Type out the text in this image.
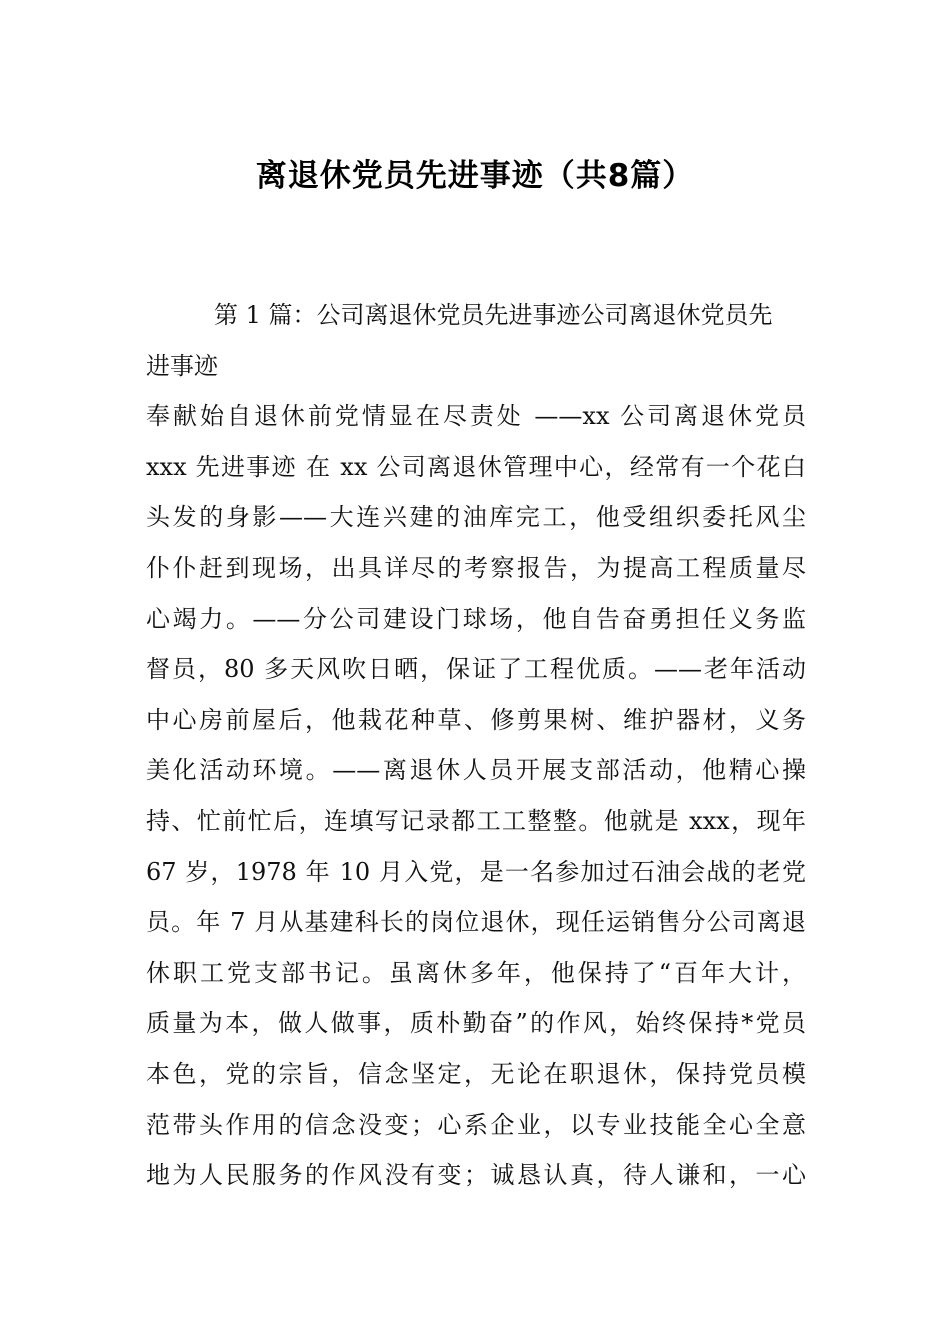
离退休党员先进事迹（共8篇）
第 1 篇：公司离退休党员先进事迹公司离退休党员先
进事迹
奉献始自退休前党情显在尽责处 ——xx 公司离退休党员
xxx 先进事迹 在 xx 公司离退休管理中心，经常有一个花白
头发的身影——大连兴建的油库完工，他受组织委托风尘
仆仆赶到现场，出具详尽的考察报告，为提高工程质量尽
心竭力。——分公司建设门球场，他自告奋勇担任义务监
督员，80 多天风吹日晒，保证了工程优质。——老年活动
中心房前屋后，他栽花种草、修剪果树、维护器材，义务
美化活动环境。——离退休人员开展支部活动，他精心操
持、忙前忙后，连填写记录都工工整整。他就是 xxx，现年
67 岁，1978 年 10 月入党，是一名参加过石油会战的老党
员。年 7 月从基建科长的岗位退休，现任运销售分公司离退
休职工党支部书记。虽离休多年，他保持了“百年大计，
质量为本，做人做事，质朴勤奋”的作风，始终保持*党员
本色，党的宗旨，信念坚定，无论在职退休，保持党员模
范带头作用的信念没变；心系企业，以专业技能全心全意
地为人民服务的作风没有变；诚恳认真，待人谦和，一心
